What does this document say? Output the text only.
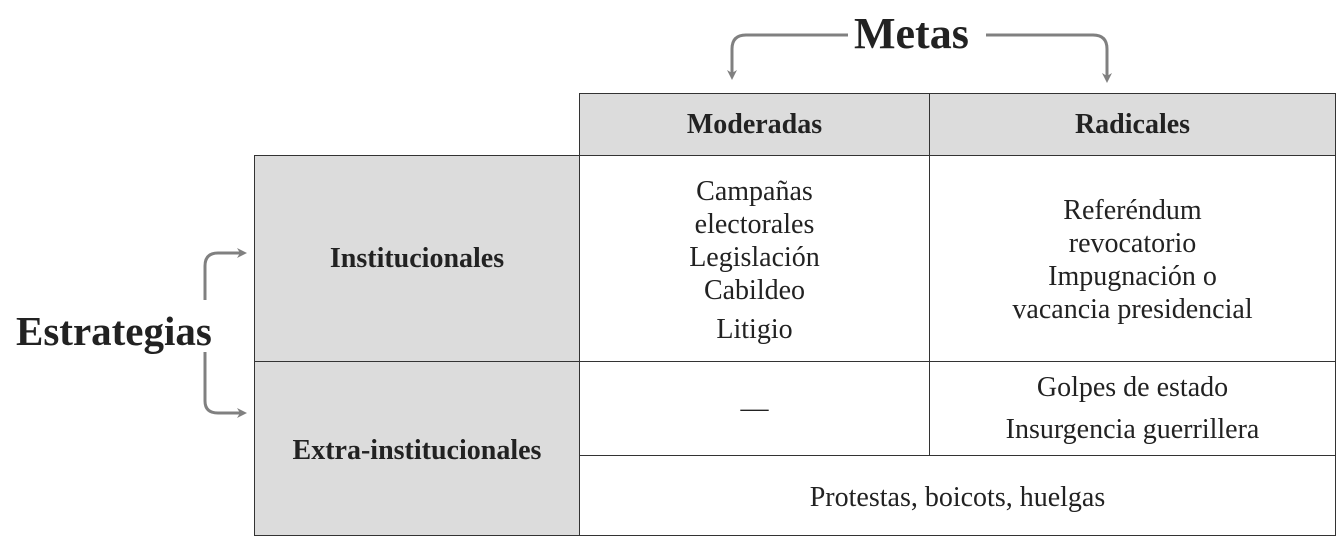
Metas
Estrategias
Moderadas	Radicales
Institucionales
Extra-institucionales
Campañas
electorales
Legislación
Cabildeo
Litigio
Referéndum
revocatorio
Impugnación o
vacancia presidencial
—
Golpes de estado
Insurgencia guerrillera
Protestas, boicots, huelgas
